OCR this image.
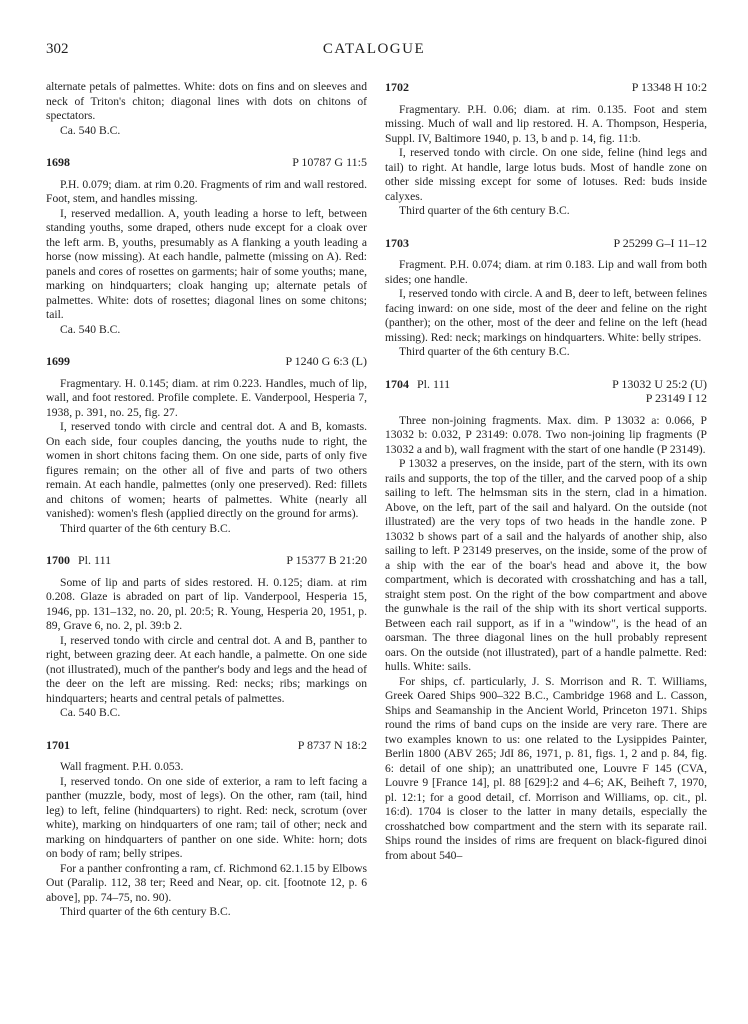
302	CATALOGUE

alternate petals of palmettes. White: dots on fins and on sleeves and neck of Triton's chiton; diagonal lines with dots on chitons of spectators.

Ca. 540 B.C.

1698	P 10787 G 11:5

P.H. 0.079; diam. at rim 0.20. Fragments of rim and wall restored. Foot, stem, and handles missing.

I, reserved medallion. A, youth leading a horse to left, between standing youths, some draped, others nude except for a cloak over the left arm. B, youths, presumably as A flanking a youth leading a horse (now missing). At each handle, palmette (missing on A). Red: panels and cores of rosettes on garments; hair of some youths; mane, marking on hindquarters; cloak hanging up; alternate petals of palmettes. White: dots of rosettes; diagonal lines on some chitons; tail.

Ca. 540 B.C.

1699	P 1240 G 6:3 (L)

Fragmentary. H. 0.145; diam. at rim 0.223. Handles, much of lip, wall, and foot restored. Profile complete. E. Vanderpool, Hesperia 7, 1938, p. 391, no. 25, fig. 27.

I, reserved tondo with circle and central dot. A and B, komasts. On each side, four couples dancing, the youths nude to right, the women in short chitons facing them. On one side, parts of only five figures remain; on the other all of five and parts of two others remain. At each handle, palmettes (only one preserved). Red: fillets and chitons of women; hearts of palmettes. White (nearly all vanished): women's flesh (applied directly on the ground for arms).

Third quarter of the 6th century B.C.

1700 Pl. 111	P 15377 B 21:20

Some of lip and parts of sides restored. H. 0.125; diam. at rim 0.208. Glaze is abraded on part of lip. Vanderpool, Hesperia 15, 1946, pp. 131–132, no. 20, pl. 20:5; R. Young, Hesperia 20, 1951, p. 89, Grave 6, no. 2, pl. 39:b 2.

I, reserved tondo with circle and central dot. A and B, panther to right, between grazing deer. At each handle, a palmette. On one side (not illustrated), much of the panther's body and legs and the head of the deer on the left are missing. Red: necks; ribs; markings on hindquarters; hearts and central petals of palmettes.

Ca. 540 B.C.

1701	P 8737 N 18:2

Wall fragment. P.H. 0.053.

I, reserved tondo. On one side of exterior, a ram to left facing a panther (muzzle, body, most of legs). On the other, ram (tail, hind leg) to left, feline (hindquarters) to right. Red: neck, scrotum (over white), marking on hindquarters of one ram; tail of other; neck and marking on hindquarters of panther on one side. White: horn; dots on body of ram; belly stripes.

For a panther confronting a ram, cf. Richmond 62.1.15 by Elbows Out (Paralip. 112, 38 ter; Reed and Near, op. cit. [footnote 12, p. 6 above], pp. 74–75, no. 90).

Third quarter of the 6th century B.C.

1702	P 13348 H 10:2

Fragmentary. P.H. 0.06; diam. at rim. 0.135. Foot and stem missing. Much of wall and lip restored. H. A. Thompson, Hesperia, Suppl. IV, Baltimore 1940, p. 13, b and p. 14, fig. 11:b.

I, reserved tondo with circle. On one side, feline (hind legs and tail) to right. At handle, large lotus buds. Most of handle zone on other side missing except for some of lotuses. Red: buds inside calyxes.

Third quarter of the 6th century B.C.

1703	P 25299 G–I 11–12

Fragment. P.H. 0.074; diam. at rim 0.183. Lip and wall from both sides; one handle.

I, reserved tondo with circle. A and B, deer to left, between felines facing inward: on one side, most of the deer and feline on the right (panther); on the other, most of the deer and feline on the left (head missing). Red: neck; markings on hindquarters. White: belly stripes.

Third quarter of the 6th century B.C.

1704 Pl. 111	P 13032 U 25:2 (U)
P 23149 I 12

Three non-joining fragments. Max. dim. P 13032 a: 0.066, P 13032 b: 0.032, P 23149: 0.078. Two non-joining lip fragments (P 13032 a and b), wall fragment with the start of one handle (P 23149).

P 13032 a preserves, on the inside, part of the stern, with its own rails and supports, the top of the tiller, and the carved poop of a ship sailing to left. The helmsman sits in the stern, clad in a himation. Above, on the left, part of the sail and halyard. On the outside (not illustrated) are the very tops of two heads in the handle zone. P 13032 b shows part of a sail and the halyards of another ship, also sailing to left. P 23149 preserves, on the inside, some of the prow of a ship with the ear of the boar's head and above it, the bow compartment, which is decorated with crosshatching and has a tall, straight stem post. On the right of the bow compartment and above the gunwhale is the rail of the ship with its short vertical supports. Between each rail support, as if in a "window", is the head of an oarsman. The three diagonal lines on the hull probably represent oars. On the outside (not illustrated), part of a handle palmette. Red: hulls. White: sails.

For ships, cf. particularly, J. S. Morrison and R. T. Williams, Greek Oared Ships 900–322 B.C., Cambridge 1968 and L. Casson, Ships and Seamanship in the Ancient World, Princeton 1971. Ships round the rims of band cups on the inside are very rare. There are two examples known to us: one related to the Lysippides Painter, Berlin 1800 (ABV 265; JdI 86, 1971, p. 81, figs. 1, 2 and p. 84, fig. 6: detail of one ship); an unattributed one, Louvre F 145 (CVA, Louvre 9 [France 14], pl. 88 [629]:2 and 4–6; AK, Beiheft 7, 1970, pl. 12:1; for a good detail, cf. Morrison and Williams, op. cit., pl. 16:d). 1704 is closer to the latter in many details, especially the crosshatched bow compartment and the stern with its separate rail. Ships round the insides of rims are frequent on black-figured dinoi from about 540–
